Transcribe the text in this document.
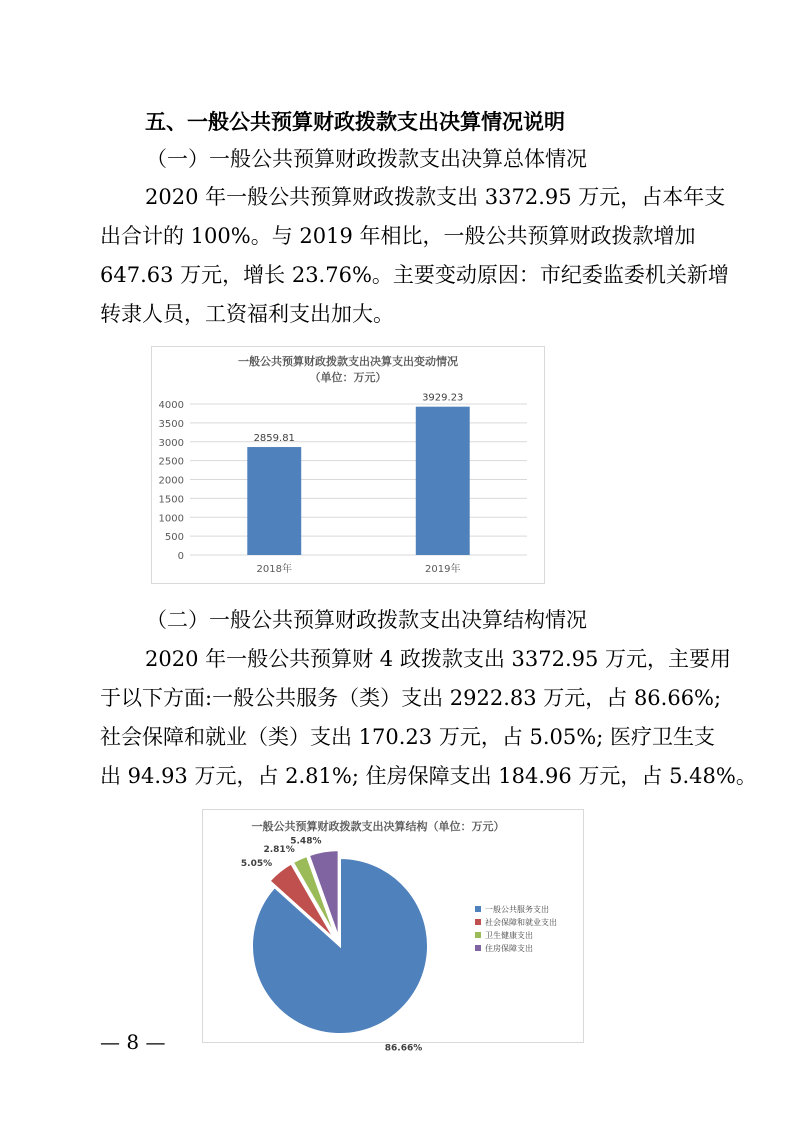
五、一般公共预算财政拨款支出决算情况说明
（一）一般公共预算财政拨款支出决算总体情况
2020 年一般公共预算财政拨款支出 3372.95 万元，占本年支
出合计的 100%。与 2019 年相比，一般公共预算财政拨款增加
647.63 万元，增长 23.76%。主要变动原因：市纪委监委机关新增
转隶人员，工资福利支出加大。
一般公共预算财政拨款支出决算支出变动情况
（单位：万元）
0
500
1000
1500
2000
2500
3000
3500
4000
2859.81
3929.23
2018年	2019年
（二）一般公共预算财政拨款支出决算结构情况
2020 年一般公共预算财 4 政拨款支出 3372.95 万元，主要用
于以下方面:一般公共服务（类）支出 2922.83 万元，占 86.66%;
社会保障和就业（类）支出 170.23 万元，占 5.05%; 医疗卫生支
出 94.93 万元，占 2.81%; 住房保障支出 184.96 万元，占 5.48%。
一般公共预算财政拨款支出决算结构（单位：万元）
86.66%
5.05%
2.81%
5.48%
一般公共服务支出
社会保障和就业支出
卫生健康支出
住房保障支出
— 8 —
